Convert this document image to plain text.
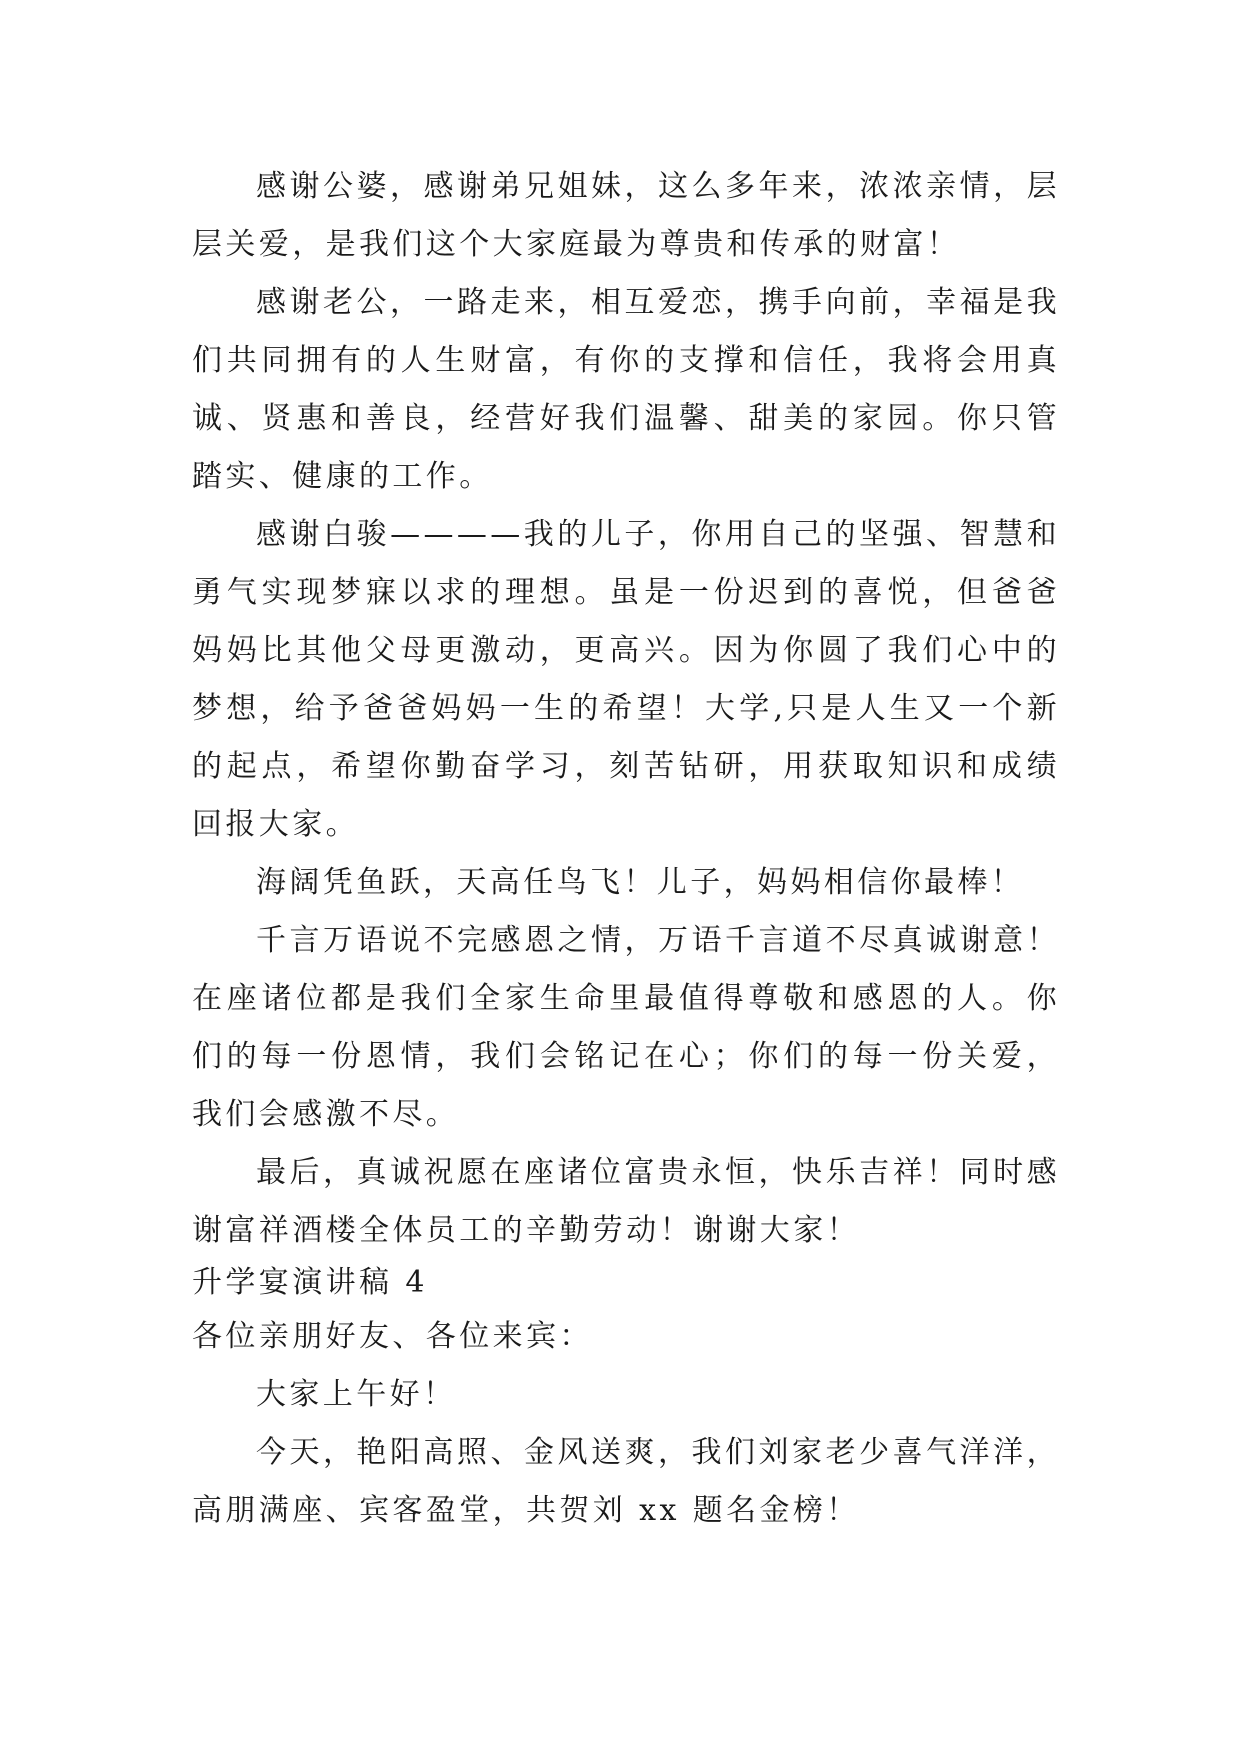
感谢公婆，感谢弟兄姐妹，这么多年来，浓浓亲情，层层关爱，是我们这个大家庭最为尊贵和传承的财富！

感谢老公，一路走来，相互爱恋，携手向前，幸福是我们共同拥有的人生财富，有你的支撑和信任，我将会用真诚、贤惠和善良，经营好我们温馨、甜美的家园。你只管踏实、健康的工作。

感谢白骏————我的儿子，你用自己的坚强、智慧和勇气实现梦寐以求的理想。虽是一份迟到的喜悦，但爸爸妈妈比其他父母更激动，更高兴。因为你圆了我们心中的梦想，给予爸爸妈妈一生的希望！大学,只是人生又一个新的起点，希望你勤奋学习，刻苦钻研，用获取知识和成绩回报大家。

海阔凭鱼跃，天高任鸟飞！儿子，妈妈相信你最棒！

千言万语说不完感恩之情，万语千言道不尽真诚谢意！在座诸位都是我们全家生命里最值得尊敬和感恩的人。你们的每一份恩情，我们会铭记在心；你们的每一份关爱，我们会感激不尽。

最后，真诚祝愿在座诸位富贵永恒，快乐吉祥！同时感谢富祥酒楼全体员工的辛勤劳动！谢谢大家！

升学宴演讲稿 4

各位亲朋好友、各位来宾：

大家上午好！

今天，艳阳高照、金风送爽，我们刘家老少喜气洋洋，高朋满座、宾客盈堂，共贺刘 xx 题名金榜！
